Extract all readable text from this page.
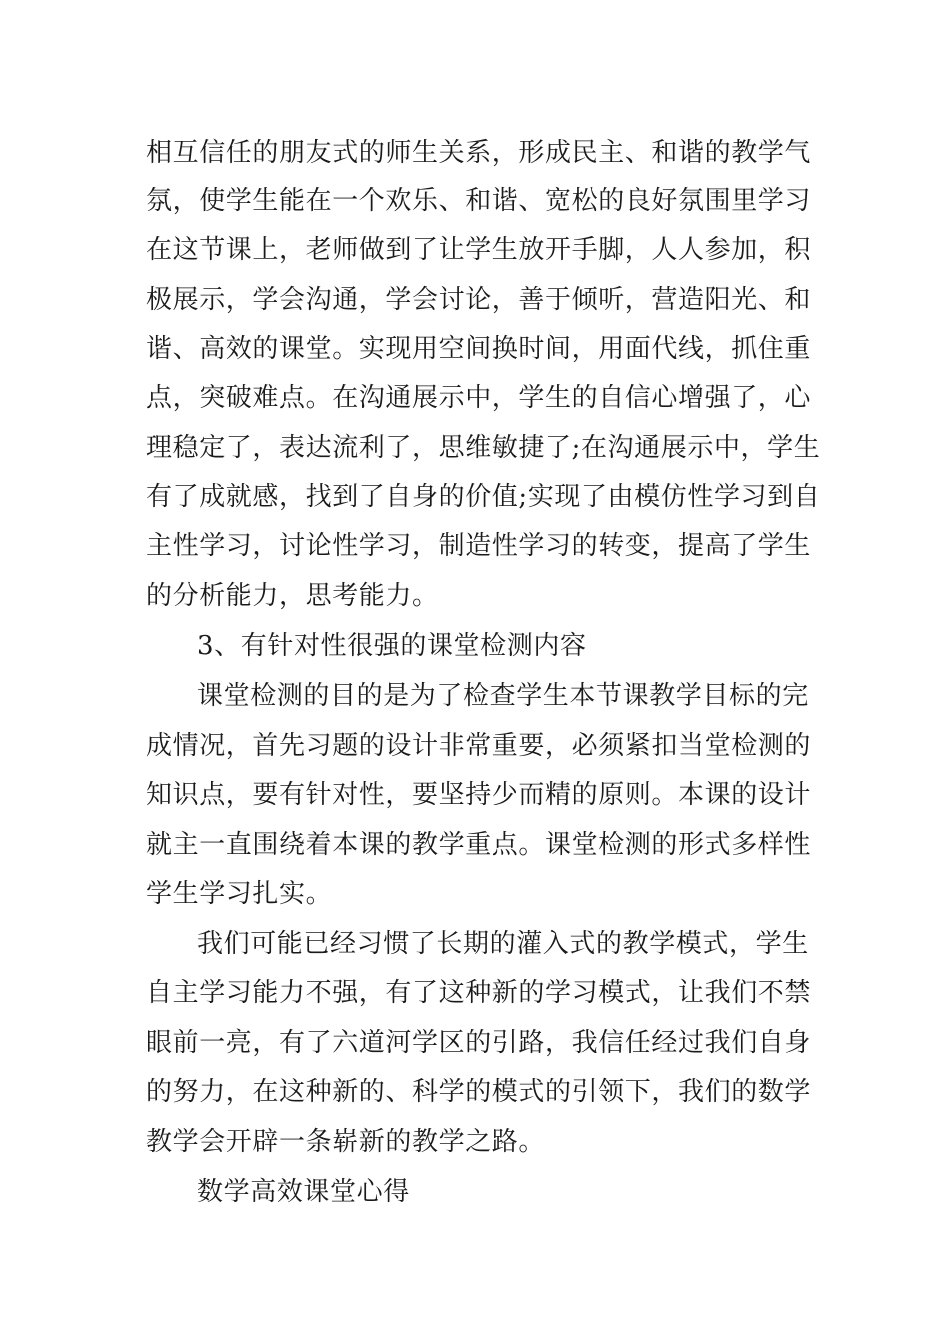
相互信任的朋友式的师生关系，形成民主、和谐的教学气
氛，使学生能在一个欢乐、和谐、宽松的良好氛围里学习
在这节课上，老师做到了让学生放开手脚，人人参加，积
极展示，学会沟通，学会讨论，善于倾听，营造阳光、和
谐、高效的课堂。实现用空间换时间，用面代线，抓住重
点，突破难点。在沟通展示中，学生的自信心增强了，心
理稳定了，表达流利了，思维敏捷了;在沟通展示中，学生
有了成就感，找到了自身的价值;实现了由模仿性学习到自
主性学习，讨论性学习，制造性学习的转变，提高了学生
的分析能力，思考能力。
3、有针对性很强的课堂检测内容
课堂检测的目的是为了检查学生本节课教学目标的完
成情况，首先习题的设计非常重要，必须紧扣当堂检测的
知识点，要有针对性，要坚持少而精的原则。本课的设计
就主一直围绕着本课的教学重点。课堂检测的形式多样性
学生学习扎实。
我们可能已经习惯了长期的灌入式的教学模式，学生
自主学习能力不强，有了这种新的学习模式，让我们不禁
眼前一亮，有了六道河学区的引路，我信任经过我们自身
的努力，在这种新的、科学的模式的引领下，我们的数学
教学会开辟一条崭新的教学之路。
数学高效课堂心得
